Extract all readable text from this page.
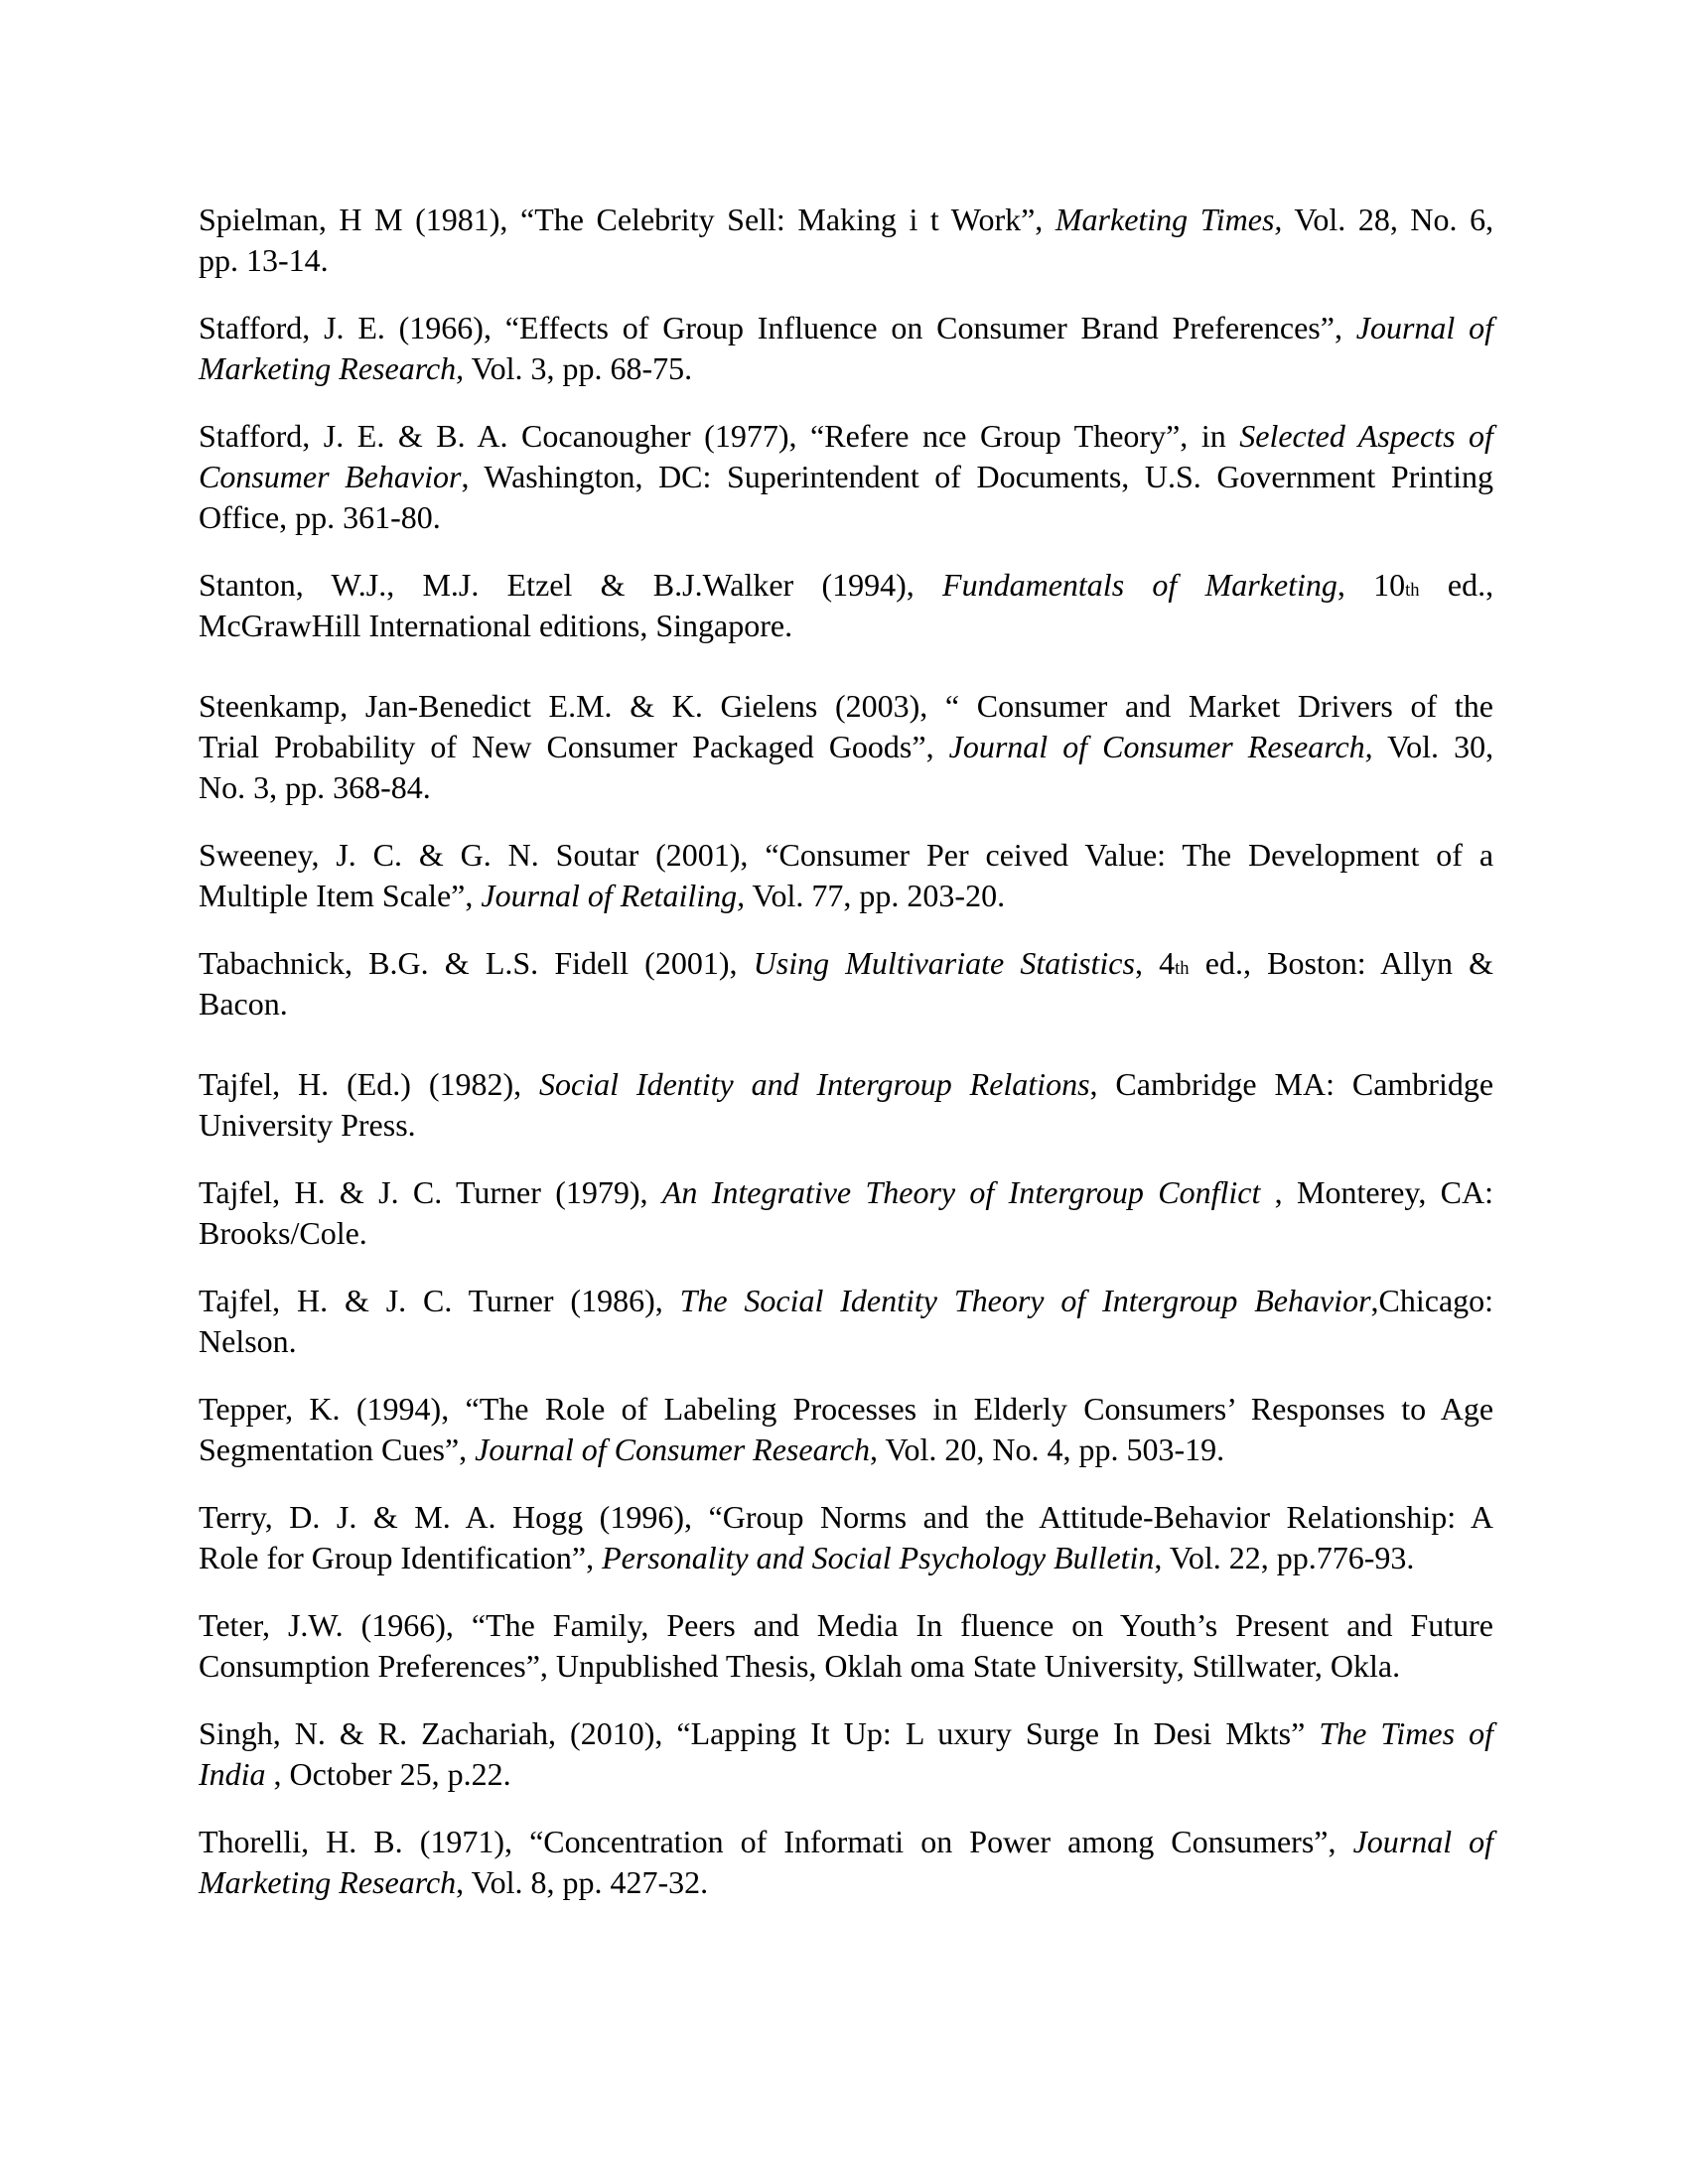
Spielman, H M (1981), “The Celebrity Sell: Making i t Work”, Marketing Times, Vol. 28, No. 6,
pp. 13-14.
Stafford, J. E. (1966), “Effects of Group Influence on Consumer Brand Preferences”, Journal of
Marketing Research, Vol. 3, pp. 68-75.
Stafford, J. E. & B. A. Cocanougher (1977), “Refere nce Group Theory”, in Selected Aspects of
Consumer Behavior, Washington, DC: Superintendent of Documents, U.S. Government Printing
Office, pp. 361-80.
Stanton, W.J., M.J. Etzel & B.J.Walker (1994), Fundamentals of Marketing, 10th ed.,
McGrawHill International editions, Singapore.
Steenkamp, Jan-Benedict E.M. & K. Gielens (2003), “ Consumer and Market Drivers of the
Trial Probability of New Consumer Packaged Goods”, Journal of Consumer Research, Vol. 30,
No. 3, pp. 368-84.
Sweeney, J. C. & G. N. Soutar (2001), “Consumer Per ceived Value: The Development of a
Multiple Item Scale”, Journal of Retailing, Vol. 77, pp. 203-20.
Tabachnick, B.G. & L.S. Fidell (2001), Using Multivariate Statistics, 4th ed., Boston: Allyn &
Bacon.
Tajfel, H. (Ed.) (1982), Social Identity and Intergroup Relations, Cambridge MA: Cambridge
University Press.
Tajfel, H. & J. C. Turner (1979), An Integrative Theory of Intergroup Conflict , Monterey, CA:
Brooks/Cole.
Tajfel, H. & J. C. Turner (1986), The Social Identity Theory of Intergroup Behavior,Chicago:
Nelson.
Tepper, K. (1994), “The Role of Labeling Processes in Elderly Consumers’ Responses to Age
Segmentation Cues”, Journal of Consumer Research, Vol. 20, No. 4, pp. 503-19.
Terry, D. J. & M. A. Hogg (1996), “Group Norms and the Attitude-Behavior Relationship: A
Role for Group Identification”, Personality and Social Psychology Bulletin, Vol. 22, pp.776-93.
Teter, J.W. (1966), “The Family, Peers and Media In fluence on Youth’s Present and Future
Consumption Preferences”, Unpublished Thesis, Oklah oma State University, Stillwater, Okla.
Singh, N. & R. Zachariah, (2010), “Lapping It Up: L uxury Surge In Desi Mkts” The Times of
India , October 25, p.22.
Thorelli, H. B. (1971), “Concentration of Informati on Power among Consumers”, Journal of
Marketing Research, Vol. 8, pp. 427-32.
